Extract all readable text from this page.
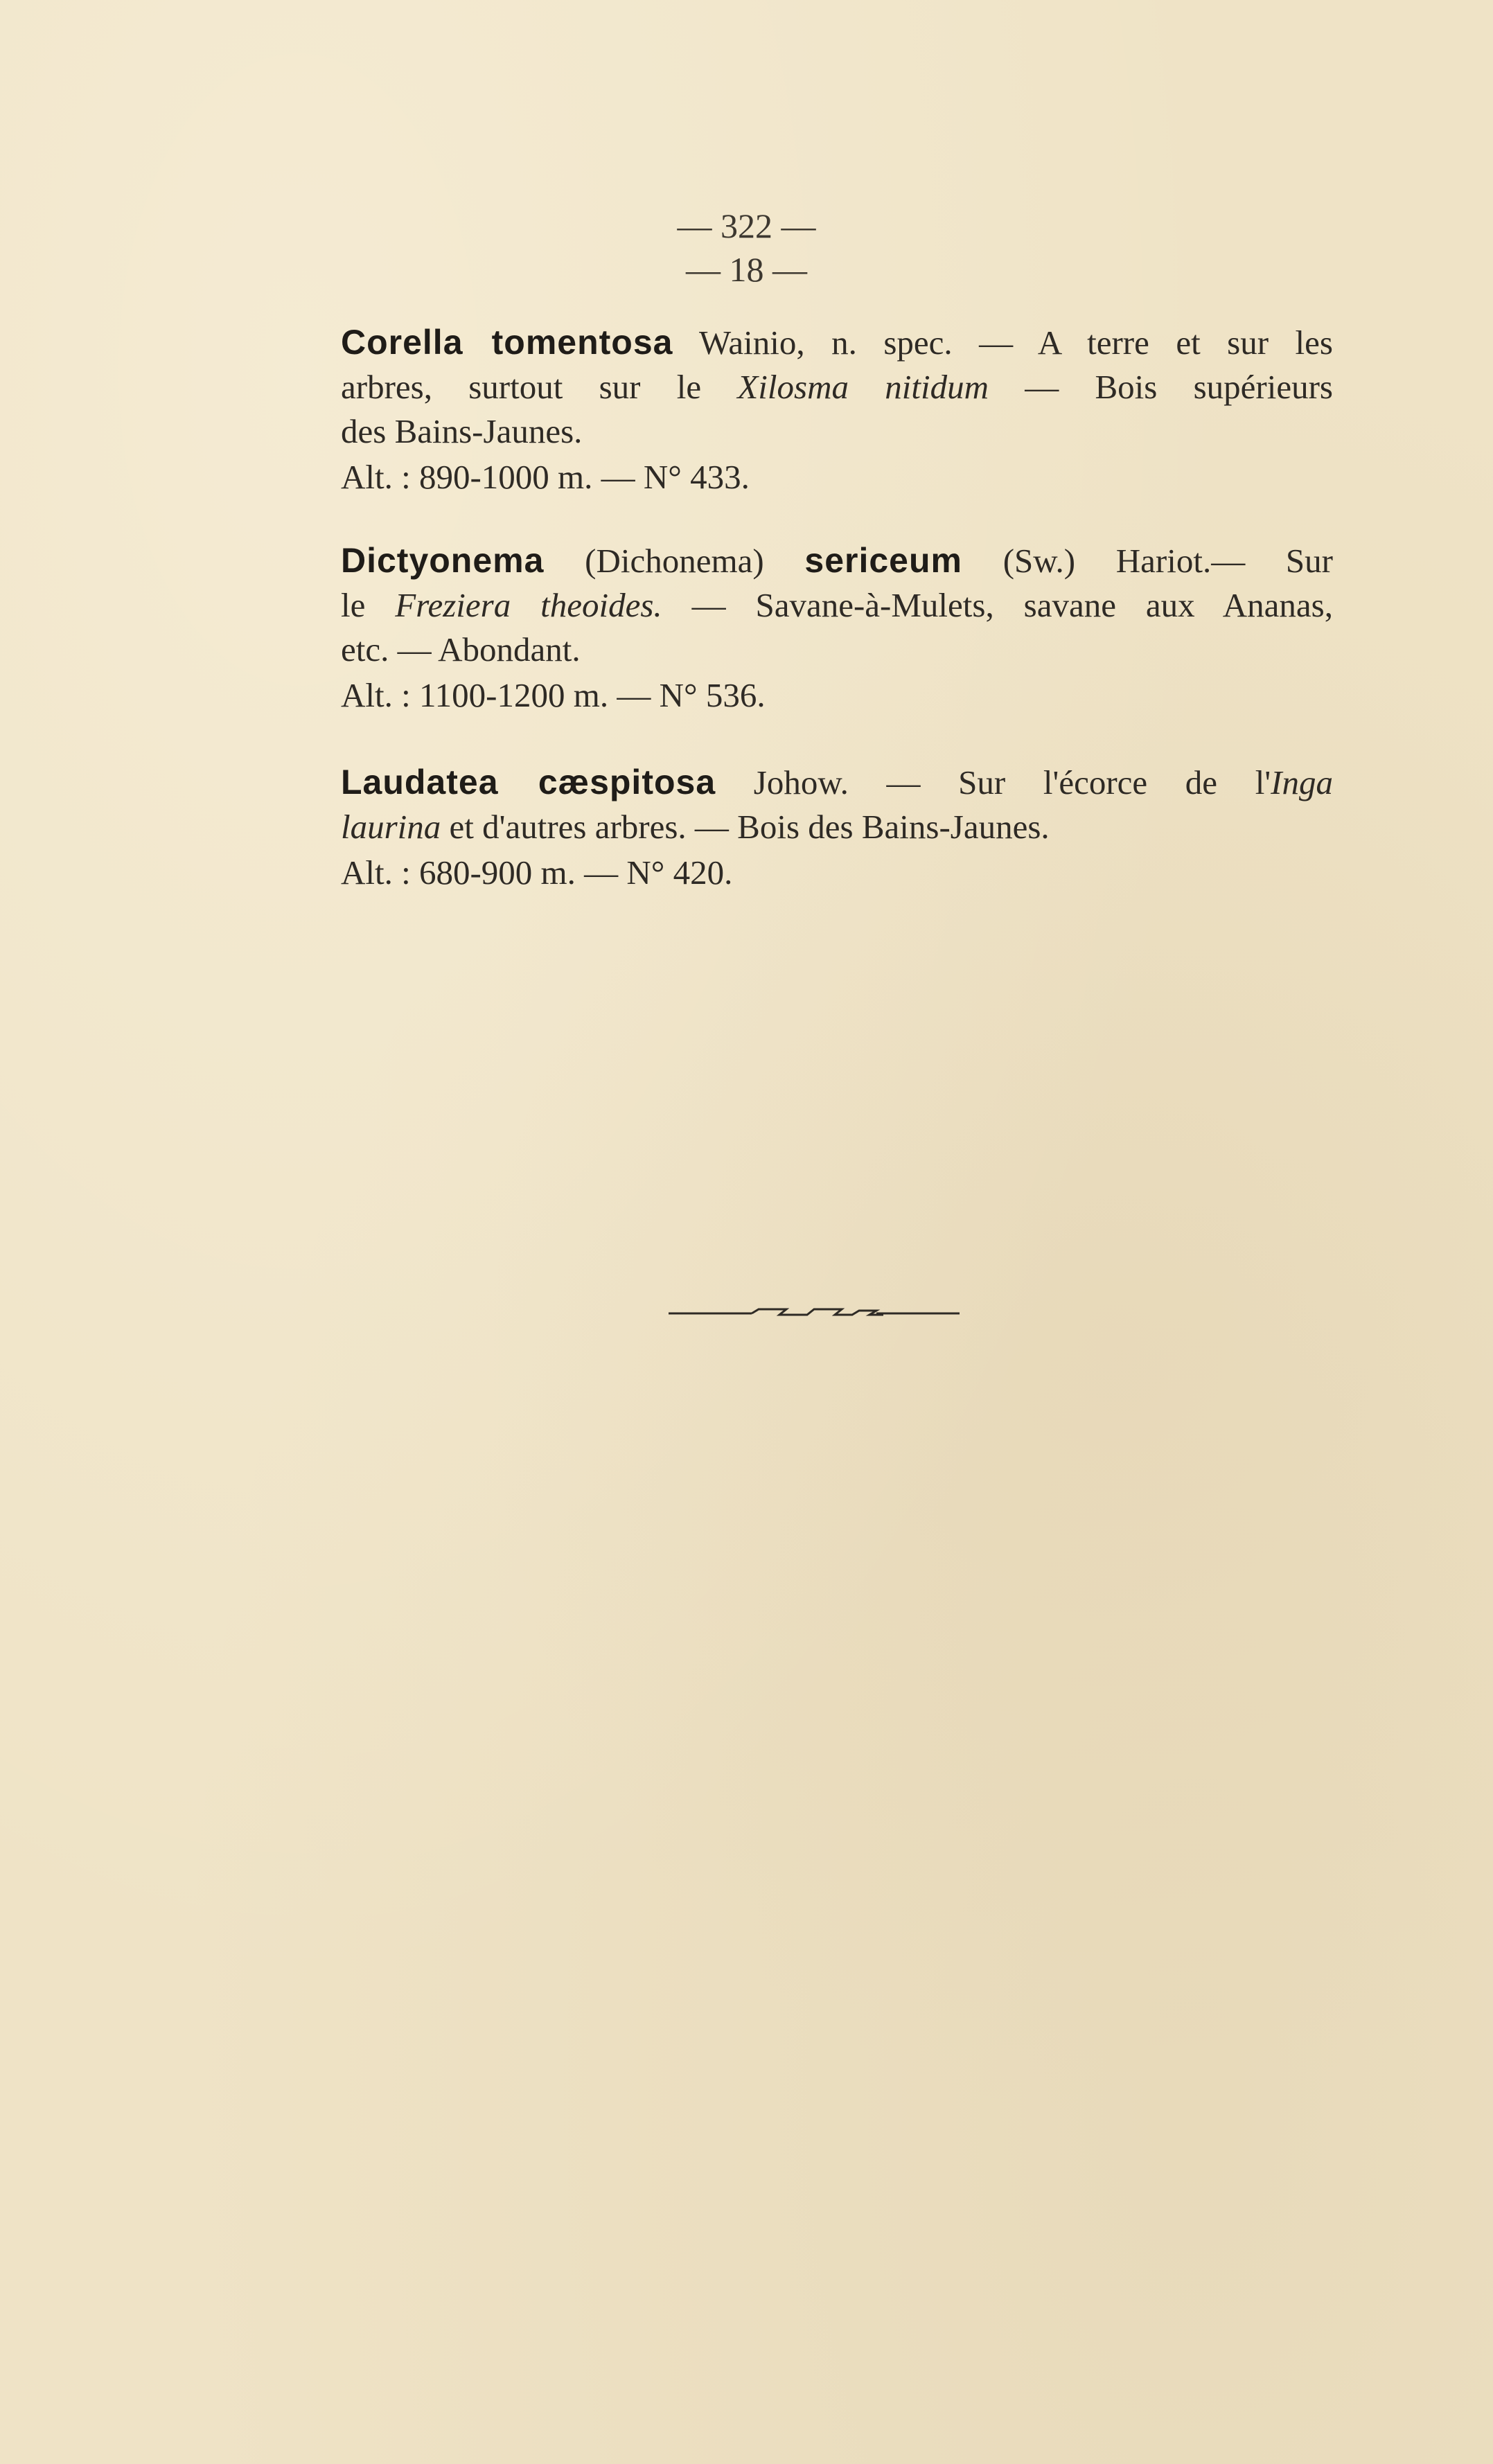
— 322 —
— 18 —
Corella tomentosa Wainio, n. spec. — A terre et sur les
arbres, surtout sur le Xilosma nitidum — Bois supérieurs
des Bains-Jaunes.
Alt. : 890-1000 m. — N° 433.
Dictyonema (Dichonema) sericeum (Sw.) Hariot.— Sur
le Freziera theoides. — Savane-à-Mulets, savane aux Ananas,
etc. — Abondant.
Alt. : 1100-1200 m. — N° 536.
Laudatea cæspitosa Johow. — Sur l'écorce de l'Inga
laurina et d'autres arbres. — Bois des Bains-Jaunes.
Alt. : 680-900 m. — N° 420.
